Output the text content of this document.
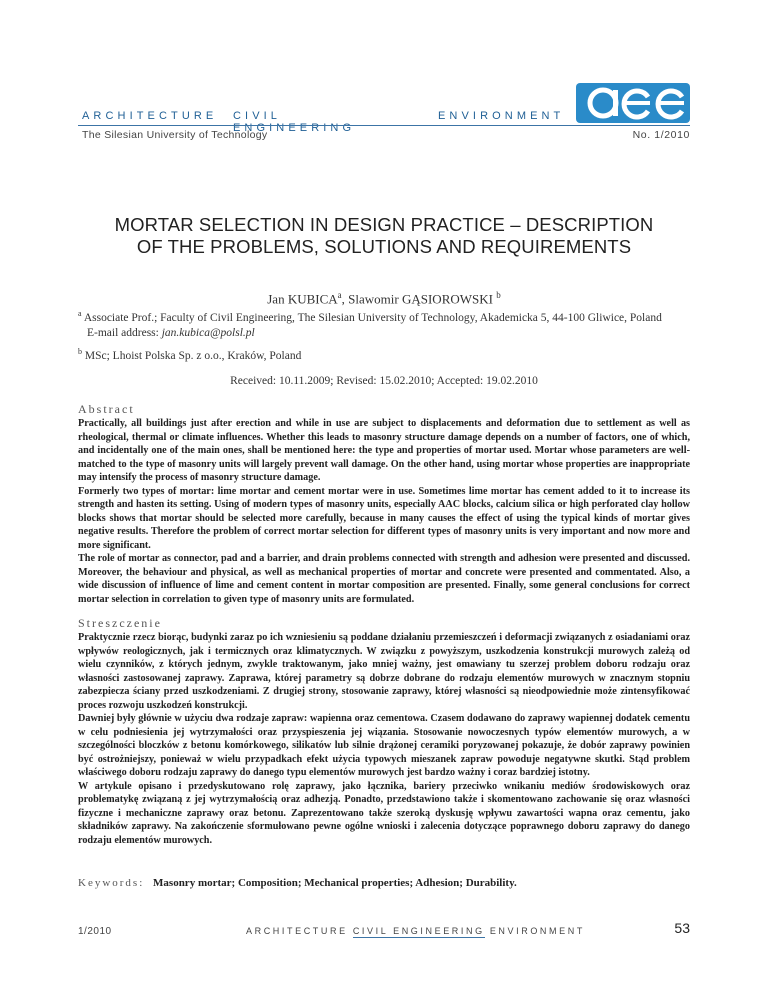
ARCHITECTURE CIVIL ENGINEERING
ENVIRONMENT
The Silesian University of Technology	No. 1/2010
MORTAR SELECTION IN DESIGN PRACTICE – DESCRIPTION
OF THE PROBLEMS, SOLUTIONS AND REQUIREMENTS
Jan KUBICA$^a$, Slawomir GĄSIOROWSKI $^b$
$^a$ Associate Prof.; Faculty of Civil Engineering, The Silesian University of Technology, Akademicka 5, 44-100 Gliwice, Poland
E-mail address: jan.kubica@polsl.pl
$^b$ MSc; Lhoist Polska Sp. z o.o., Kraków, Poland
Received: 10.11.2009; Revised: 15.02.2010; Accepted: 19.02.2010
Abstract

Practically, all buildings just after erection and while in use are subject to displacements and deformation due to settlement as well as rheological, thermal or climate influences. Whether this leads to masonry structure damage depends on a number of factors, one of which, and incidentally one of the main ones, shall be mentioned here: the type and properties of mortar used. Mortar whose parameters are well-matched to the type of masonry units will largely prevent wall damage. On the other hand, using mortar whose properties are inappropriate may intensify the process of masonry structure damage.

Formerly two types of mortar: lime mortar and cement mortar were in use. Sometimes lime mortar has cement added to it to increase its strength and hasten its setting. Using of modern types of masonry units, especially AAC blocks, calcium silica or high perforated clay hollow blocks shows that mortar should be selected more carefully, because in many causes the effect of using the typical kinds of mortar gives negative results. Therefore the problem of correct mortar selection for different types of masonry units is very important and now more and more significant.

The role of mortar as connector, pad and a barrier, and drain problems connected with strength and adhesion were presented and discussed. Moreover, the behaviour and physical, as well as mechanical properties of mortar and concrete were presented and commentated. Also, a wide discussion of influence of lime and cement content in mortar composition are presented. Finally, some general conclusions for correct mortar selection in correlation to given type of masonry units are formulated.

Streszczenie

Praktycznie rzecz biorąc, budynki zaraz po ich wzniesieniu są poddane działaniu przemieszczeń i deformacji związanych z osiadaniami oraz wpływów reologicznych, jak i termicznych oraz klimatycznych. W związku z powyższym, uszkodzenia konstrukcji murowych zależą od wielu czynników, z których jednym, zwykle traktowanym, jako mniej ważny, jest omawiany tu szerzej problem doboru rodzaju oraz własności zastosowanej zaprawy. Zaprawa, której parametry są dobrze dobrane do rodzaju elementów murowych w znacznym stopniu zabezpiecza ściany przed uszkodzeniami. Z drugiej strony, stosowanie zaprawy, której własności są nieodpowiednie może zintensyfikować proces rozwoju uszkodzeń konstrukcji.

Dawniej były głównie w użyciu dwa rodzaje zapraw: wapienna oraz cementowa. Czasem dodawano do zaprawy wapiennej dodatek cementu w celu podniesienia jej wytrzymałości oraz przyspieszenia jej wiązania. Stosowanie nowoczesnych typów elementów murowych, a w szczególności bloczków z betonu komórkowego, silikatów lub silnie drążonej ceramiki poryzowanej pokazuje, że dobór zaprawy powinien być ostrożniejszy, ponieważ w wielu przypadkach efekt użycia typowych mieszanek zapraw powoduje negatywne skutki. Stąd problem właściwego doboru rodzaju zaprawy do danego typu elementów murowych jest bardzo ważny i coraz bardziej istotny.

W artykule opisano i przedyskutowano rolę zaprawy, jako łącznika, bariery przeciwko wnikaniu mediów środowiskowych oraz problematykę związaną z jej wytrzymałością oraz adhezją. Ponadto, przedstawiono także i skomentowano zachowanie się oraz własności fizyczne i mechaniczne zaprawy oraz betonu. Zaprezentowano także szeroką dyskusję wpływu zawartości wapna oraz cementu, jako składników zaprawy. Na zakończenie sformułowano pewne ogólne wnioski i zalecenia dotyczące poprawnego doboru zaprawy do danego rodzaju elementów murowych.

Keywords: Masonry mortar; Composition; Mechanical properties; Adhesion; Durability.
1/2010	ARCHITECTURE CIVIL ENGINEERING ENVIRONMENT	53
